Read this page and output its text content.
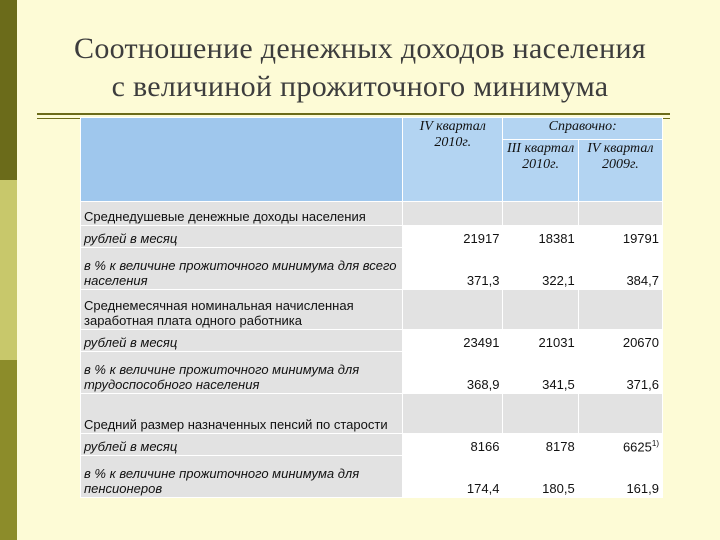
Соотношение денежных доходов населения
с величиной прожиточного минимума
	IV квартал 2010г.	Справочно:	
		III квартал 2010г.	IV квартал 2009г.
Среднедушевые денежные доходы населения			
рублей в месяц	21917	18381	19791
в % к величине прожиточного минимума для всего населения	371,3	322,1	384,7
Среднемесячная номинальная начисленная заработная плата одного работника			
рублей в месяц	23491	21031	20670
в % к величине прожиточного минимума для трудоспособного населения	368,9	341,5	371,6
Средний размер назначенных пенсий по старости			
рублей в месяц	8166	8178	6625$^{1)}$
в % к величине прожиточного минимума для пенсионеров	174,4	180,5	161,9
